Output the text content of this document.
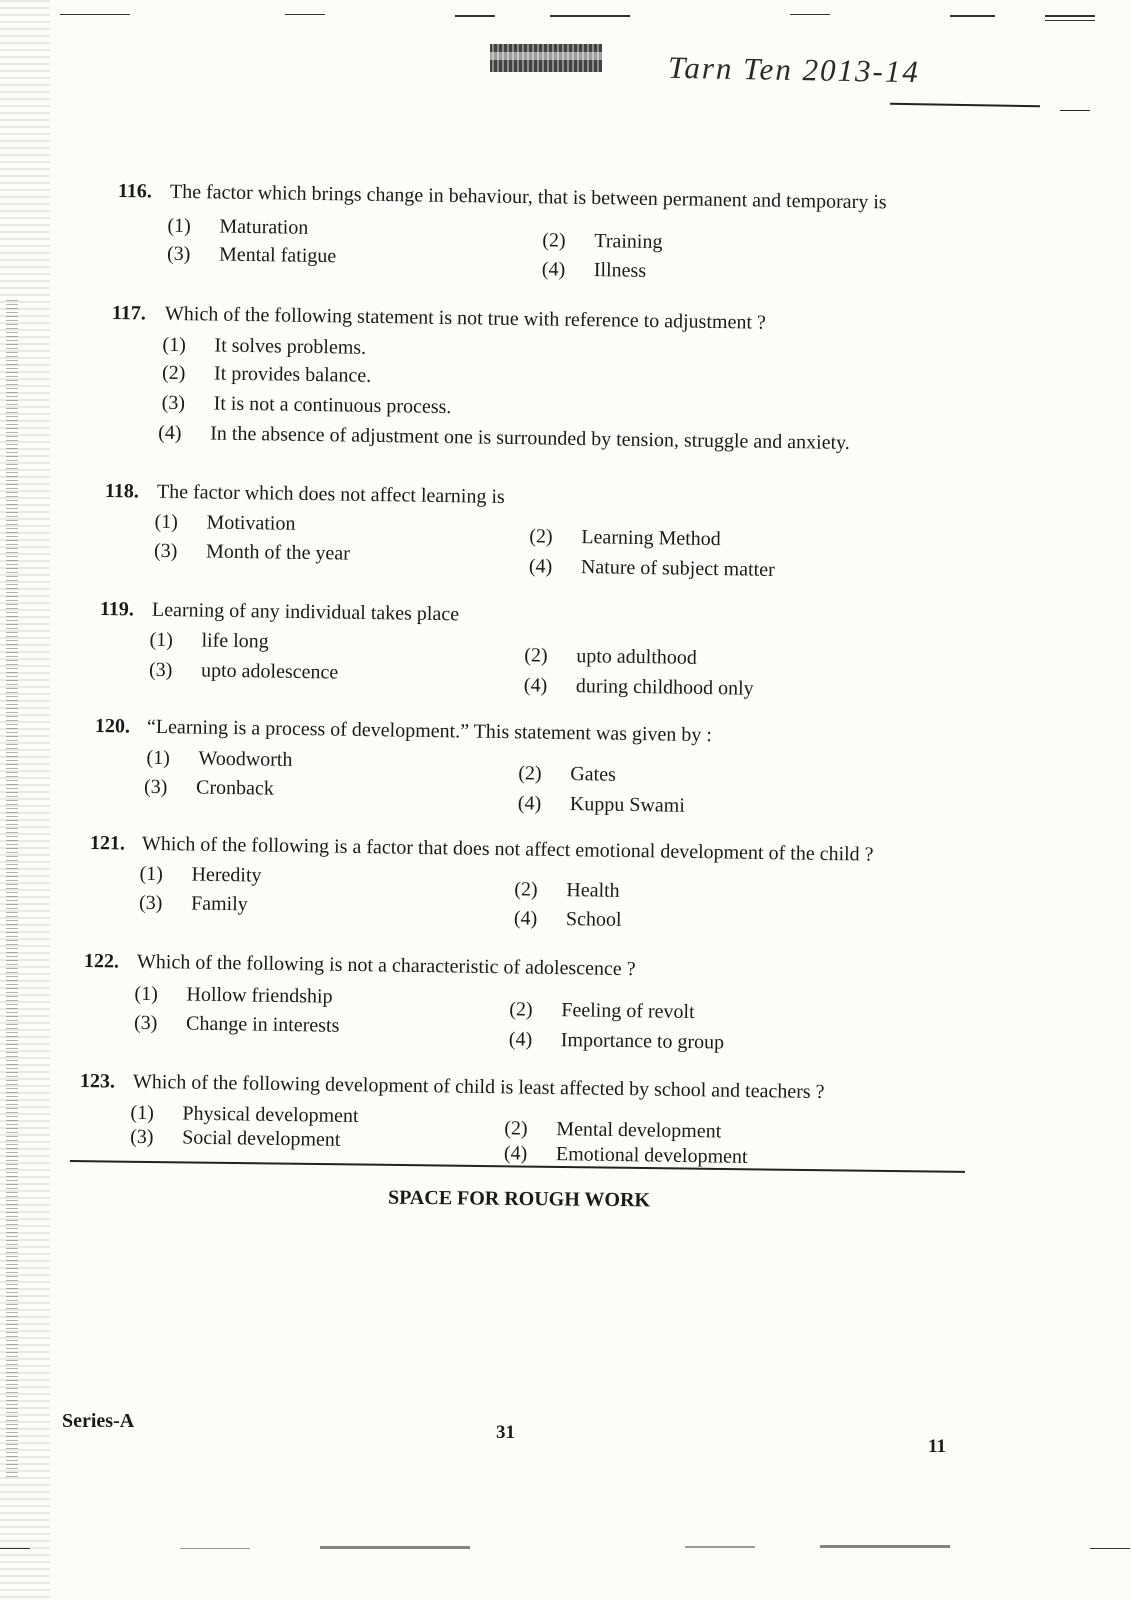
Tarn Ten 2013-14
116. The factor which brings change in behaviour, that is between permanent and temporary is
(1) Maturation
(2) Training
(3) Mental fatigue
(4) Illness
117. Which of the following statement is not true with reference to adjustment ?
(1) It solves problems.
(2) It provides balance.
(3) It is not a continuous process.
(4) In the absence of adjustment one is surrounded by tension, struggle and anxiety.
118. The factor which does not affect learning is
(1) Motivation
(2) Learning Method
(3) Month of the year
(4) Nature of subject matter
119. Learning of any individual takes place
(1) life long
(2) upto adulthood
(3) upto adolescence
(4) during childhood only
120. “Learning is a process of development.” This statement was given by :
(1) Woodworth
(2) Gates
(3) Cronback
(4) Kuppu Swami
121. Which of the following is a factor that does not affect emotional development of the child ?
(1) Heredity
(2) Health
(3) Family
(4) School
122. Which of the following is not a characteristic of adolescence ?
(1) Hollow friendship
(2) Feeling of revolt
(3) Change in interests
(4) Importance to group
123. Which of the following development of child is least affected by school and teachers ?
(1) Physical development
(2) Mental development
(3) Social development
(4) Emotional development
SPACE FOR ROUGH WORK
Series-A
31
11
